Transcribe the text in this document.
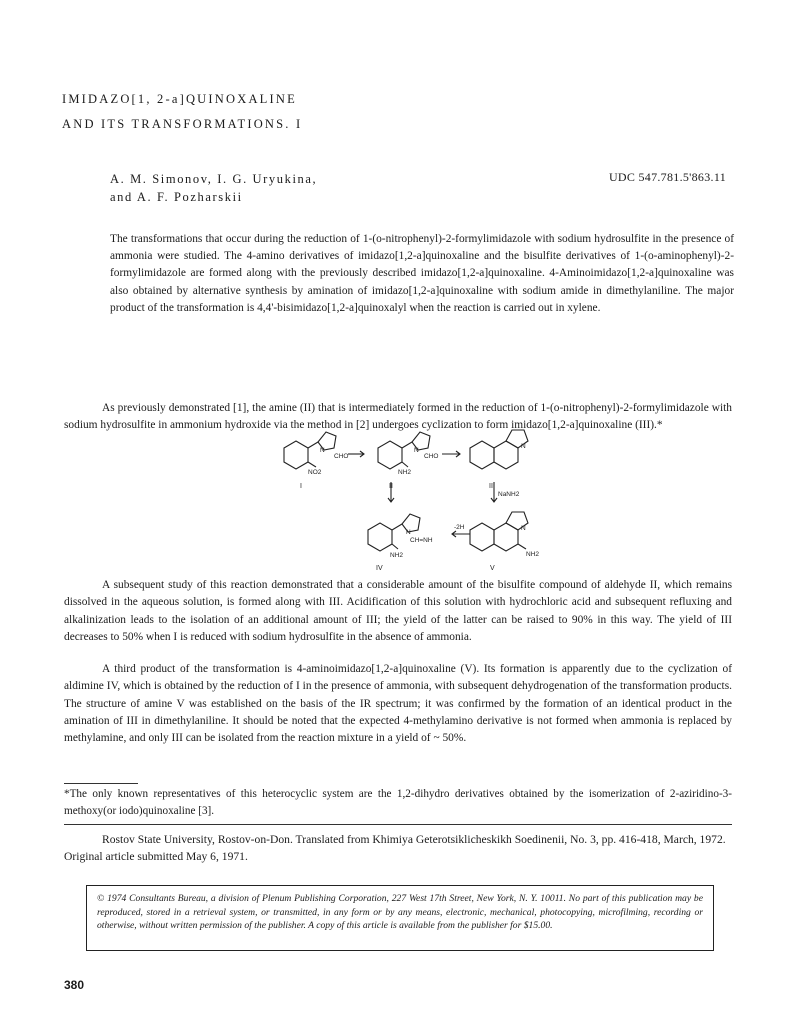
IMIDAZO[1, 2-a]QUINOXALINE
AND ITS TRANSFORMATIONS. I
A. M. Simonov, I. G. Uryukina,
and A. F. Pozharskii
UDC 547.781.5'863.11
The transformations that occur during the reduction of 1-(o-nitrophenyl)-2-formylimidazole with sodium hydrosulfite in the presence of ammonia were studied. The 4-amino derivatives of imidazo[1,2-a]quinoxaline and the bisulfite derivatives of 1-(o-aminophenyl)-2-formylimidazole are formed along with the previously described imidazo[1,2-a]quinoxaline. 4-Aminoimidazo[1,2-a]quinoxaline was also obtained by alternative synthesis by amination of imidazo[1,2-a]quinoxaline with sodium amide in dimethylaniline. The major product of the transformation is 4,4'-bisimidazo[1,2-a]quinoxalyl when the reaction is carried out in xylene.
As previously demonstrated [1], the amine (II) that is intermediately formed in the reduction of 1-(o-nitrophenyl)-2-formylimidazole with sodium hydrosulfite in ammonium hydroxide via the method in [2] undergoes cyclization to form imidazo[1,2-a]quinoxaline (III).*
N
CHO
NO2
N
CHO
NH2
N
NaNH2
N
CH=NH
NH2
-2H	N
NH2
I	II	III
IV	V
A subsequent study of this reaction demonstrated that a considerable amount of the bisulfite compound of aldehyde II, which remains dissolved in the aqueous solution, is formed along with III. Acidification of this solution with hydrochloric acid and subsequent refluxing and alkalinization leads to the isolation of an additional amount of III; the yield of the latter can be raised to 90% in this way. The yield of III decreases to 50% when I is reduced with sodium hydrosulfite in the absence of ammonia.
A third product of the transformation is 4-aminoimidazo[1,2-a]quinoxaline (V). Its formation is apparently due to the cyclization of aldimine IV, which is obtained by the reduction of I in the presence of ammonia, with subsequent dehydrogenation of the transformation products. The structure of amine V was established on the basis of the IR spectrum; it was confirmed by the formation of an identical product in the amination of III in dimethylaniline. It should be noted that the expected 4-methylamino derivative is not formed when ammonia is replaced by methylamine, and only III can be isolated from the reaction mixture in a yield of ~ 50%.
*The only known representatives of this heterocyclic system are the 1,2-dihydro derivatives obtained by the isomerization of 2-aziridino-3-methoxy(or iodo)quinoxaline [3].
Rostov State University, Rostov-on-Don. Translated from Khimiya Geterotsiklicheskikh Soedinenii, No. 3, pp. 416-418, March, 1972. Original article submitted May 6, 1971.
© 1974 Consultants Bureau, a division of Plenum Publishing Corporation, 227 West 17th Street, New York, N. Y. 10011. No part of this publication may be reproduced, stored in a retrieval system, or transmitted, in any form or by any means, electronic, mechanical, photocopying, microfilming, recording or otherwise, without written permission of the publisher. A copy of this article is available from the publisher for $15.00.
380
